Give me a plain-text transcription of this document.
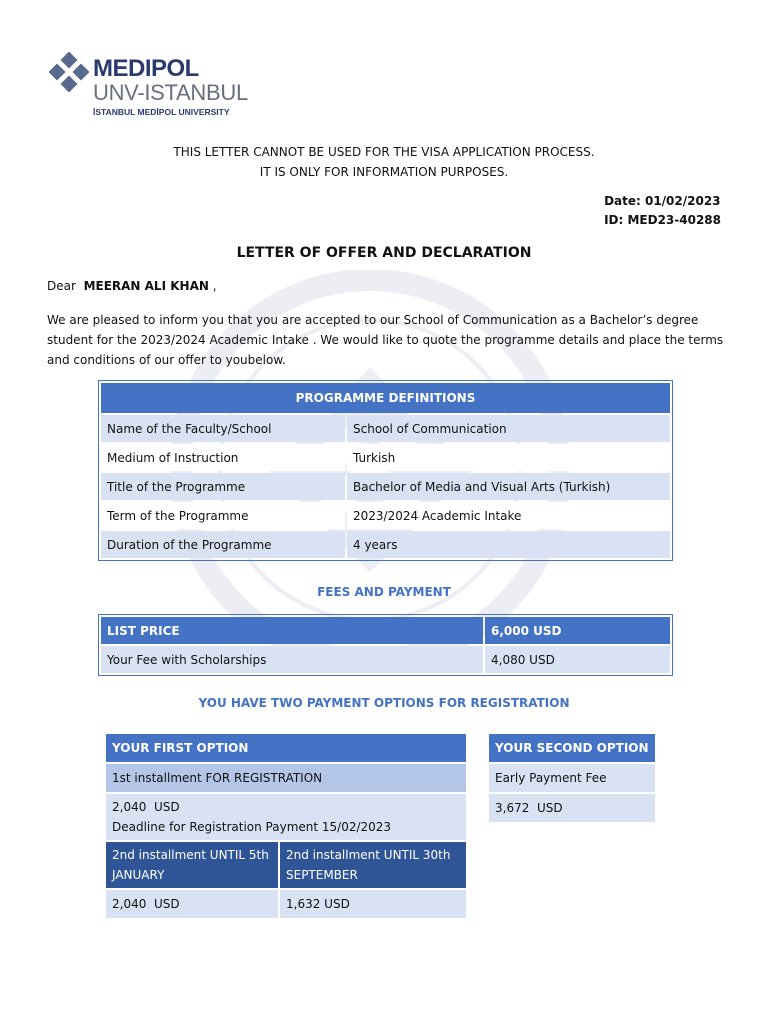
MEDIPOL
UNV-ISTANBUL
İSTANBUL MEDİPOL UNIVERSITY
THIS LETTER CANNOT BE USED FOR THE VISA APPLICATION PROCESS.
IT IS ONLY FOR INFORMATION PURPOSES.
Date: 01/02/2023
ID: MED23-40288
LETTER OF OFFER AND DECLARATION
Dear MEERAN ALI KHAN ,
We are pleased to inform you that you are accepted to our School of Communication as a Bachelor’s degree student for the 2023/2024 Academic Intake . We would like to quote the programme details and place the terms and conditions of our offer to youbelow.
PROGRAMME DEFINITIONS	
Name of the Faculty/School	School of Communication
Medium of Instruction	Turkish
Title of the Programme	Bachelor of Media and Visual Arts (Turkish)
Term of the Programme	2023/2024 Academic Intake
Duration of the Programme	4 years
FEES AND PAYMENT
LIST PRICE	6,000 USD
Your Fee with Scholarships	4,080 USD
YOU HAVE TWO PAYMENT OPTIONS FOR REGISTRATION
YOUR FIRST OPTION	
1st installment FOR REGISTRATION	

2,040  USD
Deadline for Registration Payment 15/02/2023	

2nd installment UNTIL 5th JANUARY	2nd installment UNTIL 30th SEPTEMBER
2,040  USD	1,632 USD
YOUR SECOND OPTION
Early Payment Fee
3,672  USD
